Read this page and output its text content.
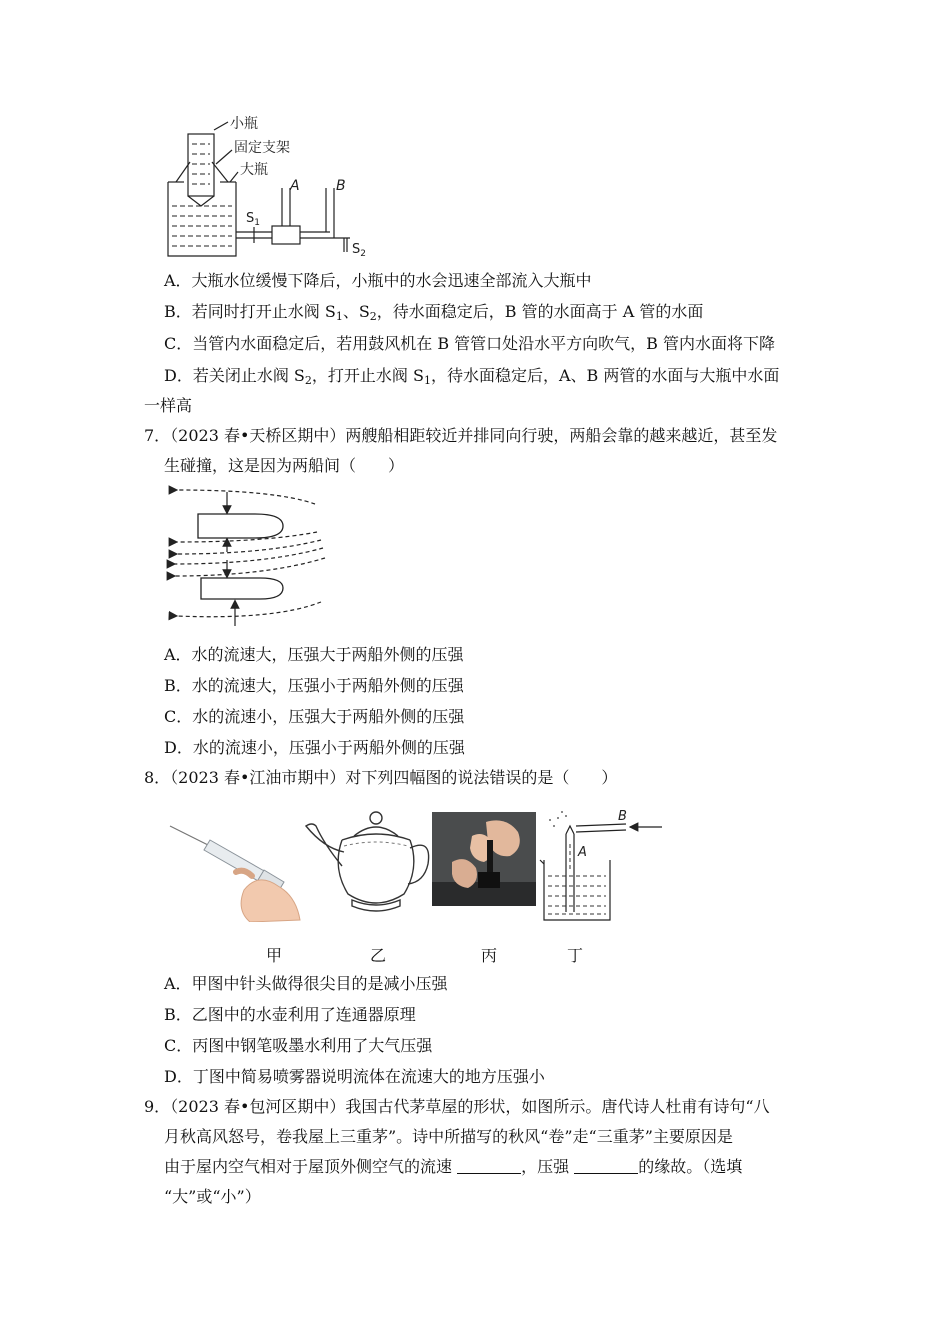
小瓶
固定支架
大瓶
A	B
$S_1$
$S_2$
A．大瓶水位缓慢下降后，小瓶中的水会迅速全部流入大瓶中
B．若同时打开止水阀 $S_1$、$S_2$，待水面稳定后，B 管的水面高于 A 管的水面
C．当管内水面稳定后，若用鼓风机在 B 管管口处沿水平方向吹气，B 管内水面将下降
D．若关闭止水阀 $S_2$，打开止水阀 $S_1$，待水面稳定后，A、B 两管的水面与大瓶中水面
一样高
7．（2023 春•天桥区期中）两艘船相距较近并排同向行驶，两船会靠的越来越近，甚至发
生碰撞，这是因为两船间（　　）
A．水的流速大，压强大于两船外侧的压强
B．水的流速大，压强小于两船外侧的压强
C．水的流速小，压强大于两船外侧的压强
D．水的流速小，压强小于两船外侧的压强
8．（2023 春•江油市期中）对下列四幅图的说法错误的是（　　）
B
A
甲	乙	丙	丁
A．甲图中针头做得很尖目的是减小压强
B．乙图中的水壶利用了连通器原理
C．丙图中钢笔吸墨水利用了大气压强
D．丁图中简易喷雾器说明流体在流速大的地方压强小
9．（2023 春•包河区期中）我国古代茅草屋的形状，如图所示。唐代诗人杜甫有诗句“八
月秋高风怒号，卷我屋上三重茅”。诗中所描写的秋风“卷”走“三重茅”主要原因是
由于屋内空气相对于屋顶外侧空气的流速	，压强	的缘故。（选填
“大”或“小”）
